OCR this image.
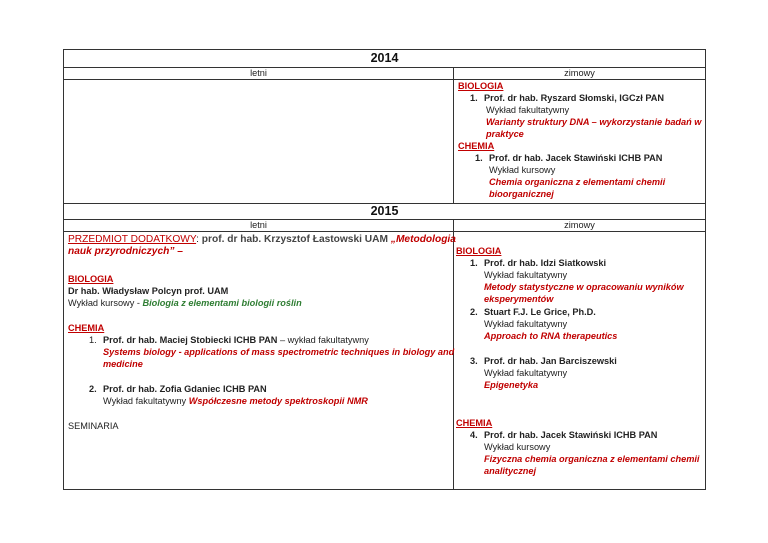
2014
letni	zimowy
BIOLOGIA
1. Prof. dr hab. Ryszard Słomski, IGCzł PAN
Wykład fakultatywny
Warianty struktury DNA – wykorzystanie badań w
praktyce
CHEMIA
1. Prof. dr hab. Jacek Stawiński ICHB PAN
Wykład kursowy
Chemia organiczna z elementami chemii
bioorganicznej
2015
letni	zimowy
PRZEDMIOT DODATKOWY: prof. dr hab. Krzysztof Łastowski UAM „Metodologia
nauk przyrodniczych” –
BIOLOGIA
Dr hab. Władysław Polcyn prof. UAM
Wykład kursowy - Biologia z elementami biologii roślin
CHEMIA
1. Prof. dr hab. Maciej Stobiecki ICHB PAN – wykład fakultatywny
Systems biology - applications of mass spectrometric techniques in biology and
medicine
2. Prof. dr hab. Zofia Gdaniec ICHB PAN
Wykład fakultatywny Współczesne metody spektroskopii NMR
SEMINARIA
BIOLOGIA
1. Prof. dr hab. Idzi Siatkowski
Wykład fakultatywny
Metody statystyczne w opracowaniu wyników
eksperymentów
2. Stuart F.J. Le Grice, Ph.D.
Wykład fakultatywny
Approach to RNA therapeutics
3. Prof. dr hab. Jan Barciszewski
Wykład fakultatywny
Epigenetyka
CHEMIA
4. Prof. dr hab. Jacek Stawiński ICHB PAN
Wykład kursowy
Fizyczna chemia organiczna z elementami chemii
analitycznej
